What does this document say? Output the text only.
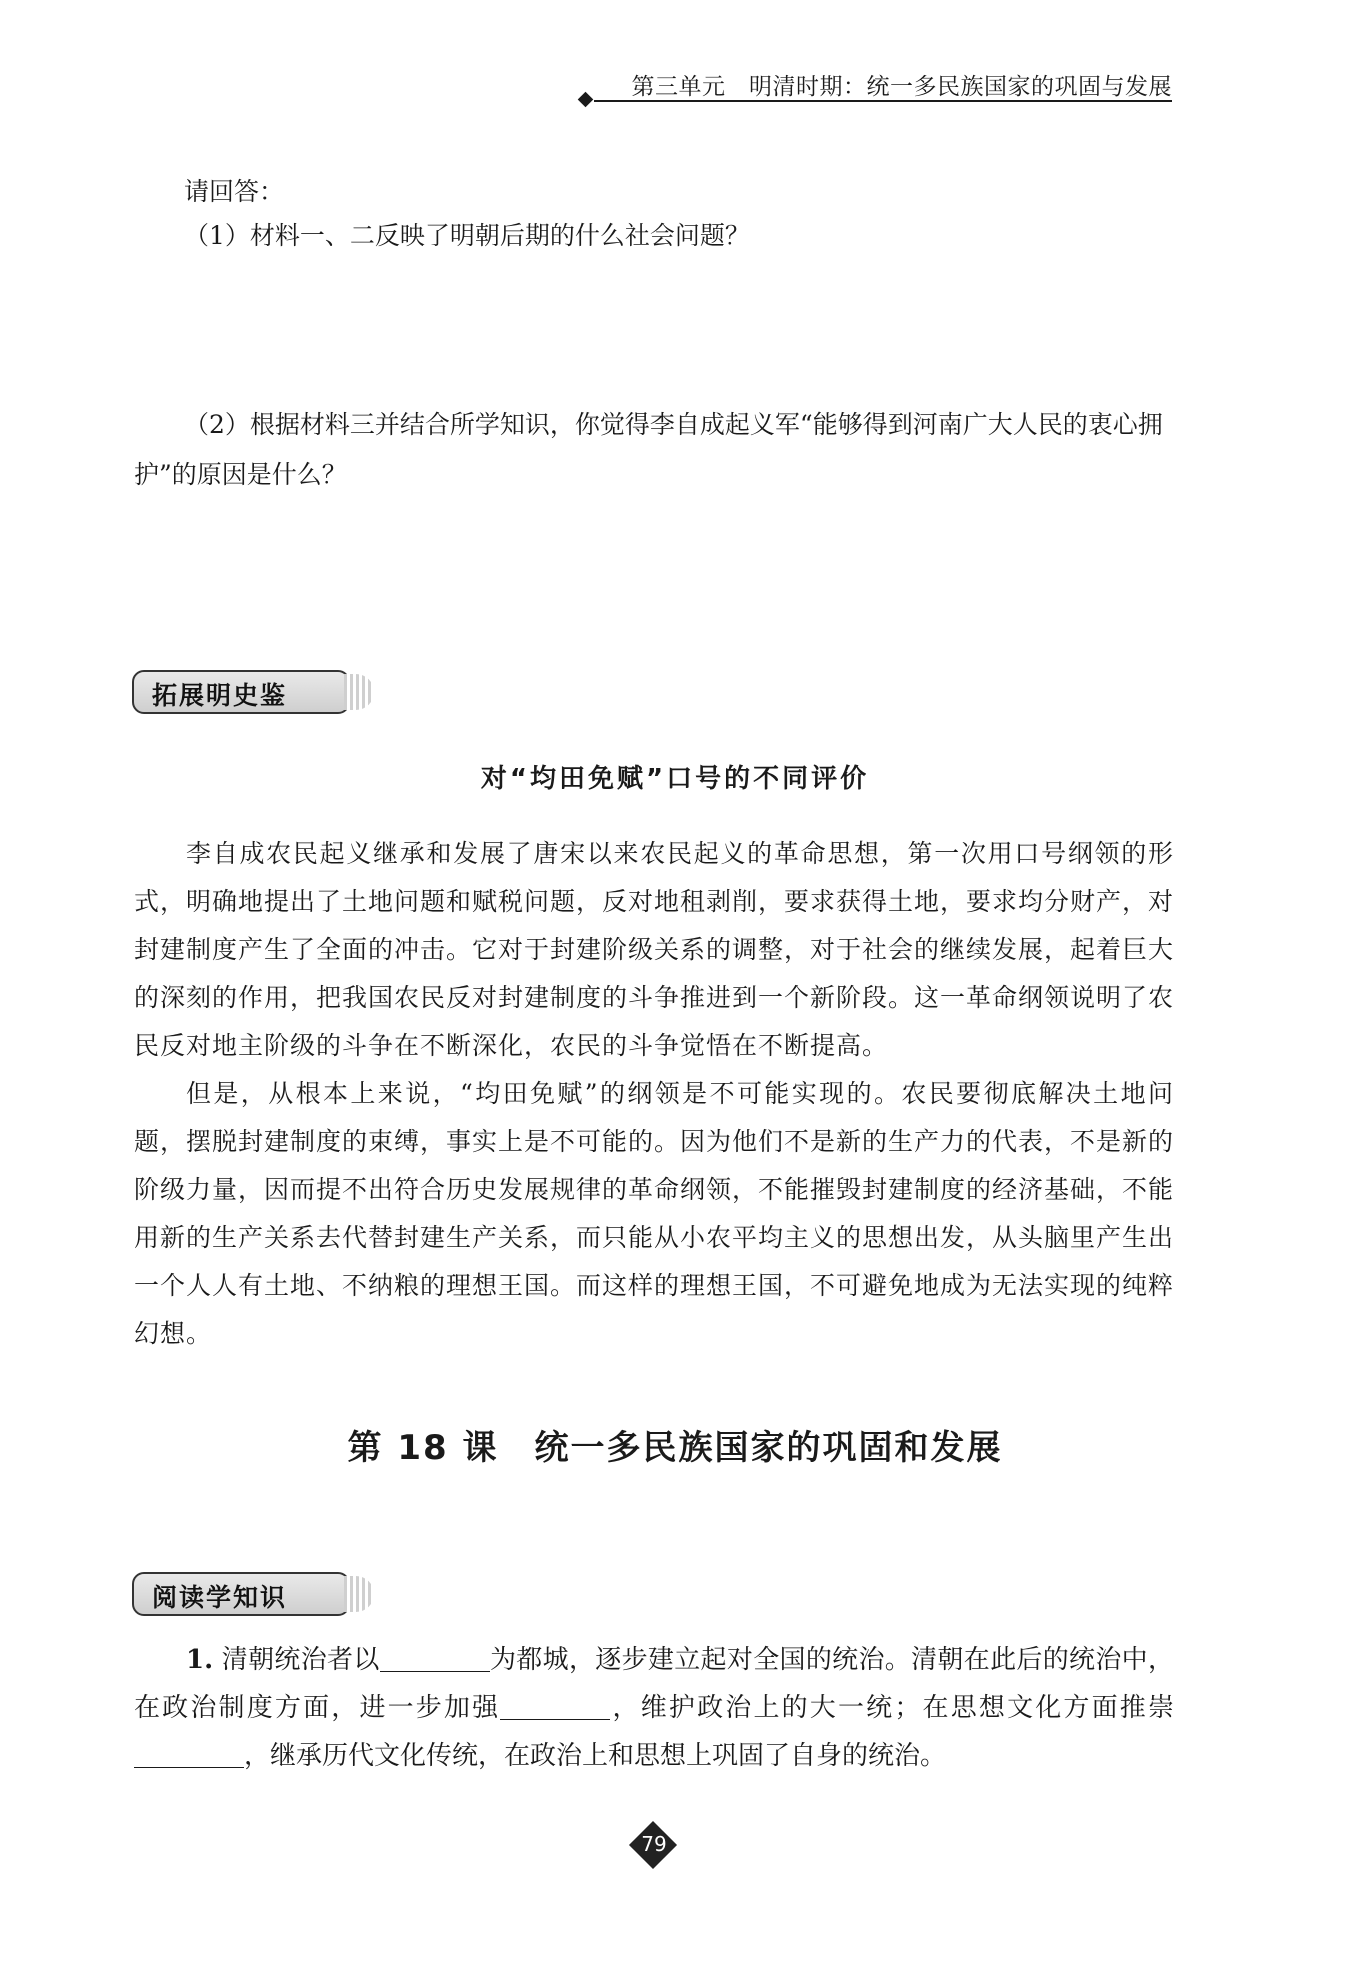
第三单元　明清时期：统一多民族国家的巩固与发展
请回答：
（1）材料一、二反映了明朝后期的什么社会问题？
（2）根据材料三并结合所学知识，你觉得李自成起义军“能够得到河南广大人民的衷心拥护”的原因是什么？
拓展明史鉴
对“均田免赋”口号的不同评价

李自成农民起义继承和发展了唐宋以来农民起义的革命思想，第一次用口号纲领的形式，明确地提出了土地问题和赋税问题，反对地租剥削，要求获得土地，要求均分财产，对封建制度产生了全面的冲击。它对于封建阶级关系的调整，对于社会的继续发展，起着巨大的深刻的作用，把我国农民反对封建制度的斗争推进到一个新阶段。这一革命纲领说明了农民反对地主阶级的斗争在不断深化，农民的斗争觉悟在不断提高。

但是，从根本上来说，“均田免赋”的纲领是不可能实现的。农民要彻底解决土地问题，摆脱封建制度的束缚，事实上是不可能的。因为他们不是新的生产力的代表，不是新的阶级力量，因而提不出符合历史发展规律的革命纲领，不能摧毁封建制度的经济基础，不能用新的生产关系去代替封建生产关系，而只能从小农平均主义的思想出发，从头脑里产生出一个人人有土地、不纳粮的理想王国。而这样的理想王国，不可避免地成为无法实现的纯粹幻想。

第 18 课　统一多民族国家的巩固和发展
阅读学知识

1. 清朝统治者以	为都城，逐步建立起对全国的统治。清朝在此后的统治中，在政治制度方面，进一步加强	，维护政治上的大一统；在思想文化方面推崇，继承历代文化传统，在政治上和思想上巩固了自身的统治。

79
